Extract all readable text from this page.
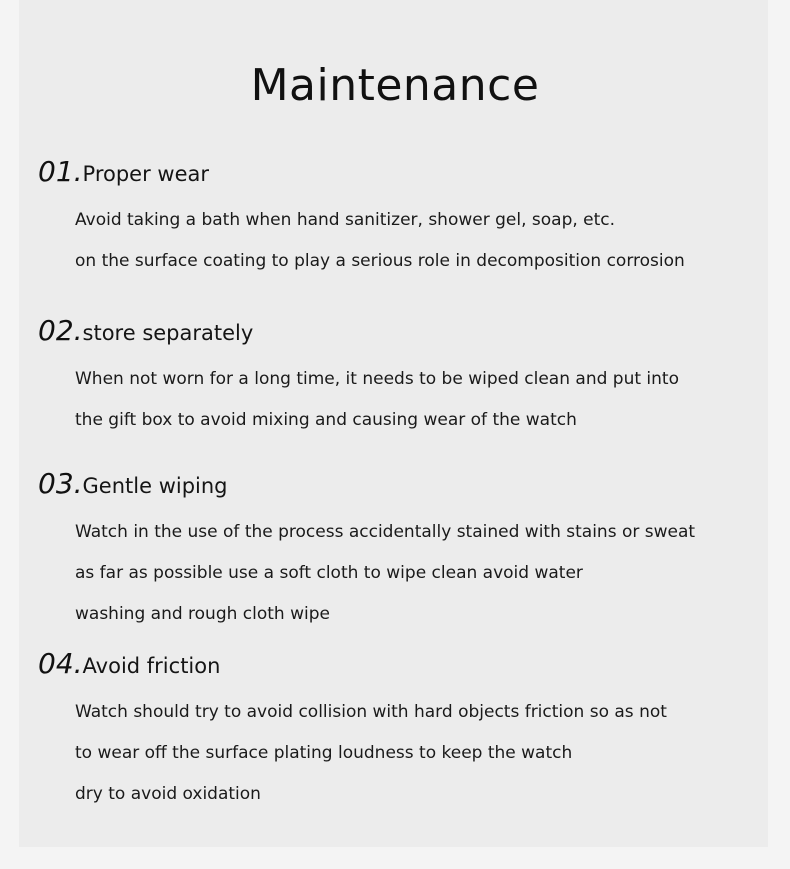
Maintenance
01.Proper wear
Avoid taking a bath when hand sanitizer, shower gel, soap, etc.
on the surface coating to play a serious role in decomposition corrosion
02.store separately
When not worn for a long time, it needs to be wiped clean and put into
the gift box to avoid mixing and causing wear of the watch
03.Gentle wiping
Watch in the use of the process accidentally stained with stains or sweat
as far as possible use a soft cloth to wipe clean avoid water
washing and rough cloth wipe
04.Avoid friction
Watch should try to avoid collision with hard objects friction so as not
to wear off the surface plating loudness to keep the watch
dry to avoid oxidation
